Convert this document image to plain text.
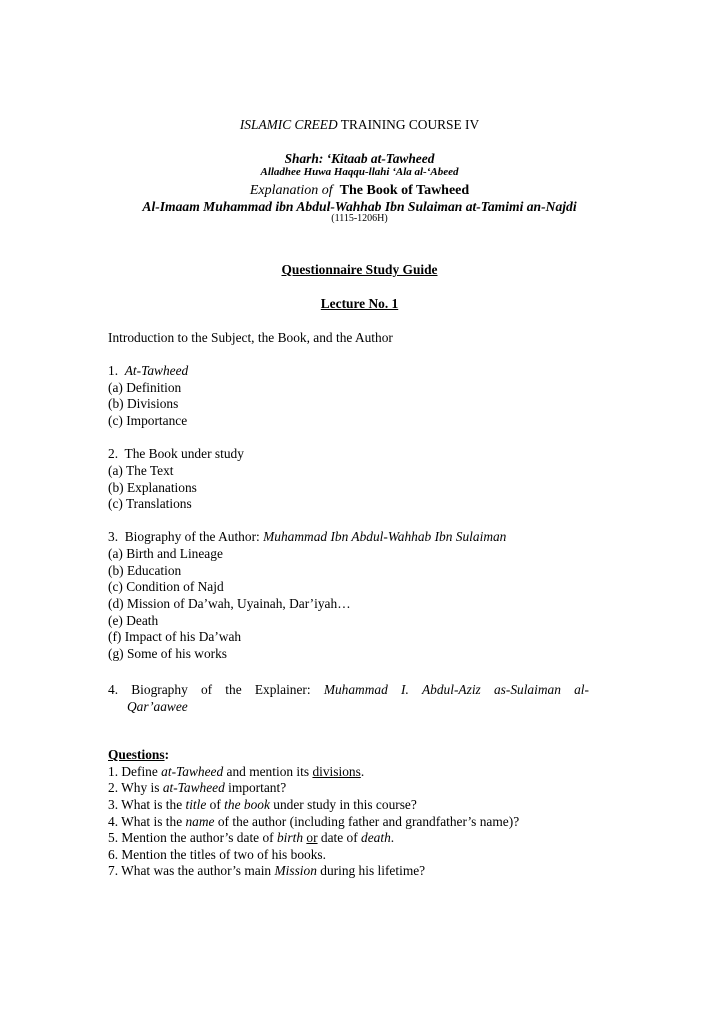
ISLAMIC CREED TRAINING COURSE IV
Sharh: ‘Kitaab at-Tawheed
Alladhee Huwa Haqqu-llahi ‘Ala al-‘Abeed
Explanation of The Book of Tawheed
Al-Imaam Muhammad ibn Abdul-Wahhab Ibn Sulaiman at-Tamimi an-Najdi
(1115-1206H)
Questionnaire Study Guide
Lecture No. 1
Introduction to the Subject, the Book, and the Author
1. At-Tawheed
(a) Definition
(b) Divisions
(c) Importance
2. The Book under study
(a) The Text
(b) Explanations
(c) Translations
3. Biography of the Author: Muhammad Ibn Abdul-Wahhab Ibn Sulaiman
(a) Birth and Lineage
(b) Education
(c) Condition of Najd
(d) Mission of Da’wah, Uyainah, Dar’iyah…
(e) Death
(f) Impact of his Da’wah
(g) Some of his works
4. Biography of the Explainer: Muhammad I. Abdul-Aziz as-Sulaiman al-
Qar’aawee
Questions:
1. Define at-Tawheed and mention its divisions.
2. Why is at-Tawheed important?
3. What is the title of the book under study in this course?
4. What is the name of the author (including father and grandfather’s name)?
5. Mention the author’s date of birth or date of death.
6. Mention the titles of two of his books.
7. What was the author’s main Mission during his lifetime?
